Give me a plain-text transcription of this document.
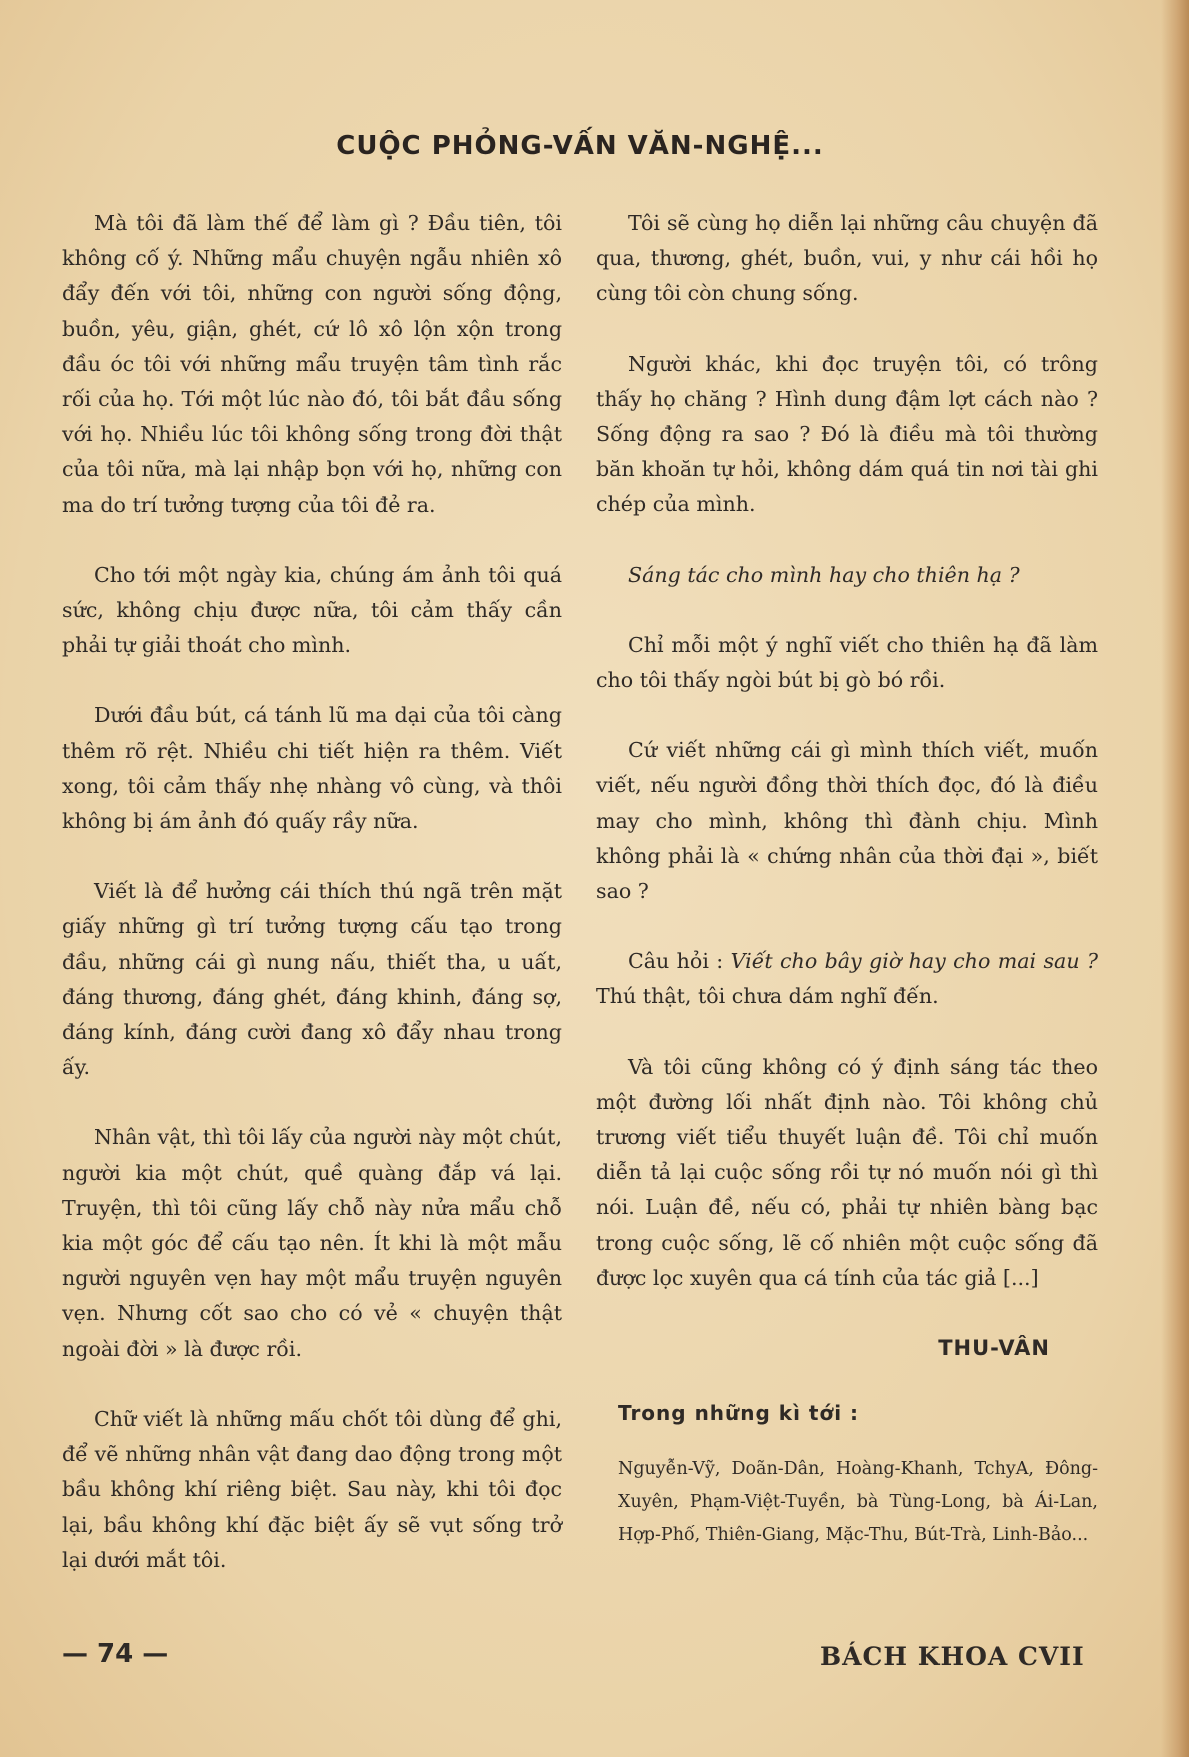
CUỘC PHỎNG-VẤN VĂN-NGHỆ...

Mà tôi đã làm thế để làm gì ? Đầu tiên, tôi không cố ý. Những mẩu chuyện ngẫu nhiên xô đẩy đến với tôi, những con người sống động, buồn, yêu, giận, ghét, cứ lô xô lộn xộn trong đầu óc tôi với những mẩu truyện tâm tình rắc rối của họ. Tới một lúc nào đó, tôi bắt đầu sống với họ. Nhiều lúc tôi không sống trong đời thật của tôi nữa, mà lại nhập bọn với họ, những con ma do trí tưởng tượng của tôi đẻ ra.

Cho tới một ngày kia, chúng ám ảnh tôi quá sức, không chịu được nữa, tôi cảm thấy cần phải tự giải thoát cho mình.

Dưới đầu bút, cá tánh lũ ma dại của tôi càng thêm rõ rệt. Nhiều chi tiết hiện ra thêm. Viết xong, tôi cảm thấy nhẹ nhàng vô cùng, và thôi không bị ám ảnh đó quấy rầy nữa.

Viết là để hưởng cái thích thú ngã trên mặt giấy những gì trí tưởng tượng cấu tạo trong đầu, những cái gì nung nấu, thiết tha, u uất, đáng thương, đáng ghét, đáng khinh, đáng sợ, đáng kính, đáng cười đang xô đẩy nhau trong ấy.

Nhân vật, thì tôi lấy của người này một chút, người kia một chút, quề quàng đắp vá lại. Truyện, thì tôi cũng lấy chỗ này nửa mẩu chỗ kia một góc để cấu tạo nên. Ít khi là một mẫu người nguyên vẹn hay một mẩu truyện nguyên vẹn. Nhưng cốt sao cho có vẻ « chuyện thật ngoài đời » là được rồi.

Chữ viết là những mấu chốt tôi dùng để ghi, để vẽ những nhân vật đang dao động trong một bầu không khí riêng biệt. Sau này, khi tôi đọc lại, bầu không khí đặc biệt ấy sẽ vụt sống trở lại dưới mắt tôi.

Tôi sẽ cùng họ diễn lại những câu chuyện đã qua, thương, ghét, buồn, vui, y như cái hồi họ cùng tôi còn chung sống.

Người khác, khi đọc truyện tôi, có trông thấy họ chăng ? Hình dung đậm lợt cách nào ? Sống động ra sao ? Đó là điều mà tôi thường băn khoăn tự hỏi, không dám quá tin nơi tài ghi chép của mình.

Sáng tác cho mình hay cho thiên hạ ?

Chỉ mỗi một ý nghĩ viết cho thiên hạ đã làm cho tôi thấy ngòi bút bị gò bó rồi.

Cứ viết những cái gì mình thích viết, muốn viết, nếu người đồng thời thích đọc, đó là điều may cho mình, không thì đành chịu. Mình không phải là « chứng nhân của thời đại », biết sao ?

Câu hỏi : Viết cho bây giờ hay cho mai sau ? Thú thật, tôi chưa dám nghĩ đến.

Và tôi cũng không có ý định sáng tác theo một đường lối nhất định nào. Tôi không chủ trương viết tiểu thuyết luận đề. Tôi chỉ muốn diễn tả lại cuộc sống rồi tự nó muốn nói gì thì nói. Luận đề, nếu có, phải tự nhiên bàng bạc trong cuộc sống, lẽ cố nhiên một cuộc sống đã được lọc xuyên qua cá tính của tác giả [...]

THU-VÂN
Trong những kì tới :
Nguyễn-Vỹ, Doãn-Dân, Hoàng-Khanh, TchyA, Đông-Xuyên, Phạm-Việt-Tuyền, bà Tùng-Long, bà Ái-Lan, Hợp-Phố, Thiên-Giang, Mặc-Thu, Bút-Trà, Linh-Bảo...
— 74 —	BÁCH KHOA CVII
